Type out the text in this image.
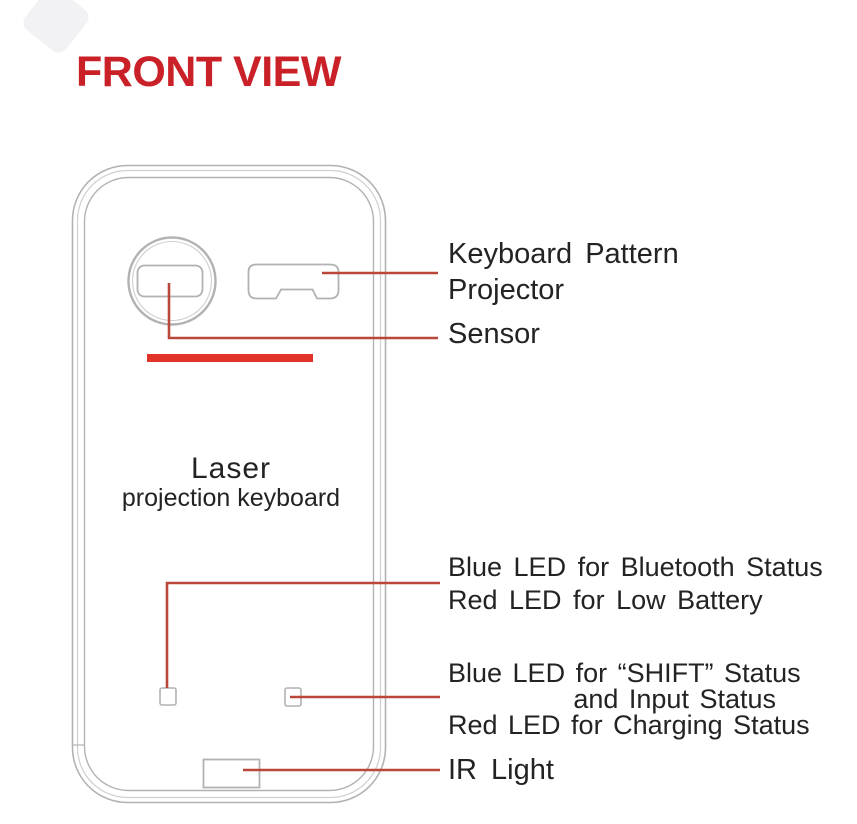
FRONT VIEW
Laser
projection keyboard
Keyboard Pattern
Projector
Sensor
Blue LED for Bluetooth Status
Red LED for Low Battery
Blue LED for “SHIFT” Status
and Input Status
Red LED for Charging Status
IR Light
